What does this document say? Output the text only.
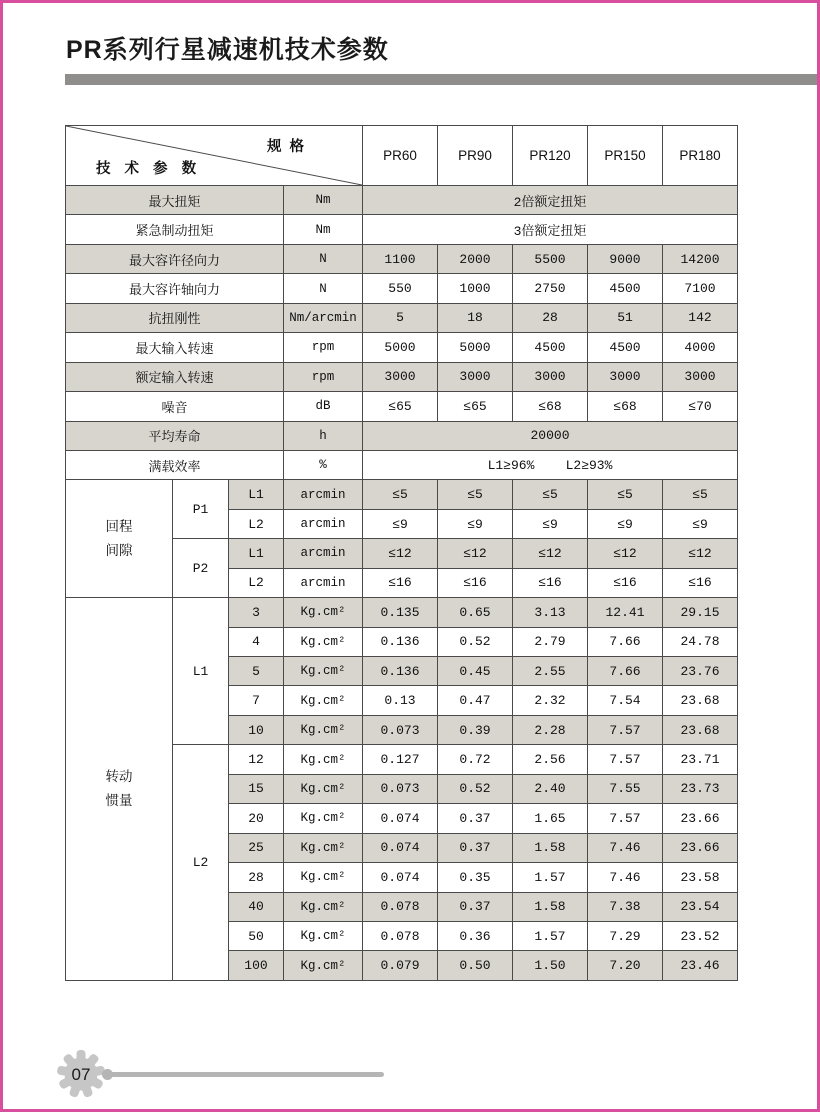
PR系列行星减速机技术参数
规 格
技 术 参 数				PR60	PR90	PR120	PR150	PR180
最大扭矩			Nm	2倍额定扭矩				
紧急制动扭矩			Nm	3倍额定扭矩				
最大容许径向力			N	1100	2000	5500	9000	14200
最大容许轴向力			N	550	1000	2750	4500	7100
抗扭刚性			Nm/arcmin	5	18	28	51	142
最大输入转速			rpm	5000	5000	4500	4500	4000
额定输入转速			rpm	3000	3000	3000	3000	3000
噪音			dB	≤65	≤65	≤68	≤68	≤70
平均寿命			h	20000				
满载效率			%	L1≥96%    L2≥93%				

回程
间隙	P1	L1	arcmin	≤5	≤5	≤5	≤5	≤5
		L2	arcmin	≤9	≤9	≤9	≤9	≤9
	P2	L1	arcmin	≤12	≤12	≤12	≤12	≤12
		L2	arcmin	≤16	≤16	≤16	≤16	≤16

转动
惯量	L1	3	Kg.cm²	0.135	0.65	3.13	12.41	29.15
		4	Kg.cm²	0.136	0.52	2.79	7.66	24.78
		5	Kg.cm²	0.136	0.45	2.55	7.66	23.76
		7	Kg.cm²	0.13	0.47	2.32	7.54	23.68
		10	Kg.cm²	0.073	0.39	2.28	7.57	23.68
	L2	12	Kg.cm²	0.127	0.72	2.56	7.57	23.71
		15	Kg.cm²	0.073	0.52	2.40	7.55	23.73
		20	Kg.cm²	0.074	0.37	1.65	7.57	23.66
		25	Kg.cm²	0.074	0.37	1.58	7.46	23.66
		28	Kg.cm²	0.074	0.35	1.57	7.46	23.58
		40	Kg.cm²	0.078	0.37	1.58	7.38	23.54
		50	Kg.cm²	0.078	0.36	1.57	7.29	23.52
		100	Kg.cm²	0.079	0.50	1.50	7.20	23.46
07
